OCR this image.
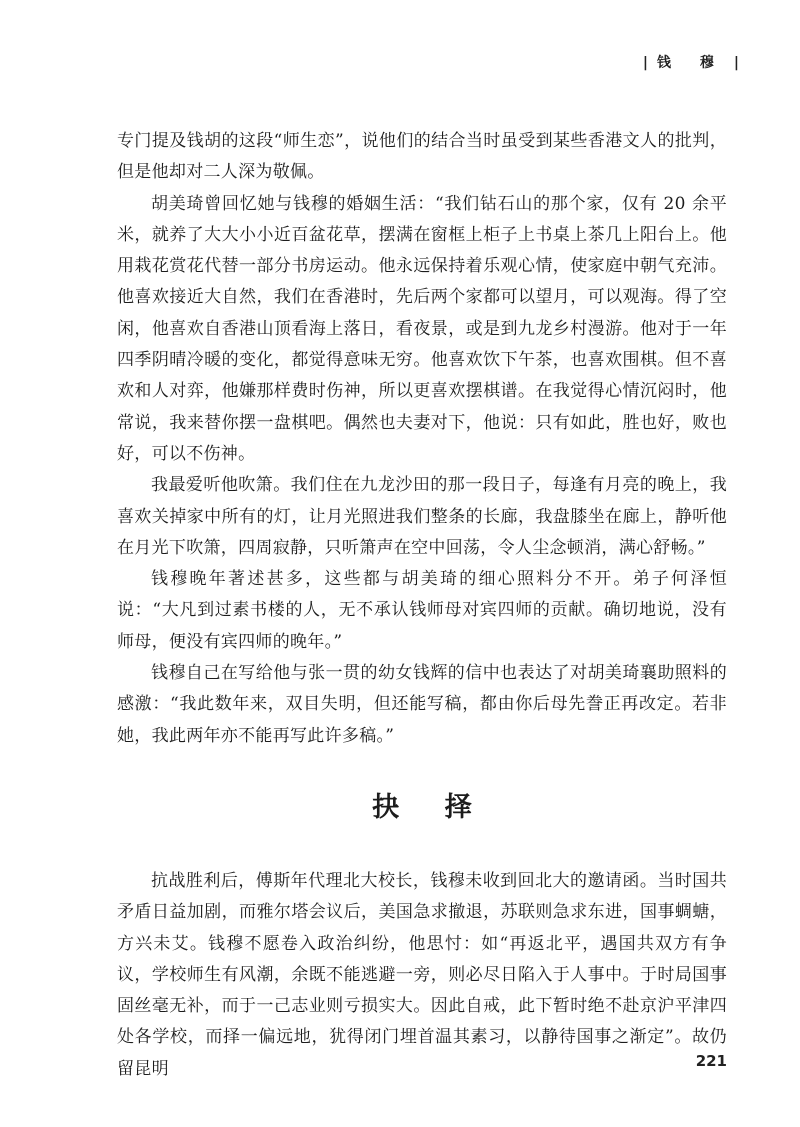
| 钱 穆 |

专门提及钱胡的这段“师生恋”，说他们的结合当时虽受到某些香港文人的批判，但是他却对二人深为敬佩。

胡美琦曾回忆她与钱穆的婚姻生活：“我们钻石山的那个家，仅有 20 余平米，就养了大大小小近百盆花草，摆满在窗框上柜子上书桌上茶几上阳台上。他用栽花赏花代替一部分书房运动。他永远保持着乐观心情，使家庭中朝气充沛。他喜欢接近大自然，我们在香港时，先后两个家都可以望月，可以观海。得了空闲，他喜欢自香港山顶看海上落日，看夜景，或是到九龙乡村漫游。他对于一年四季阴晴冷暖的变化，都觉得意味无穷。他喜欢饮下午茶，也喜欢围棋。但不喜欢和人对弈，他嫌那样费时伤神，所以更喜欢摆棋谱。在我觉得心情沉闷时，他常说，我来替你摆一盘棋吧。偶然也夫妻对下，他说：只有如此，胜也好，败也好，可以不伤神。

我最爱听他吹箫。我们住在九龙沙田的那一段日子，每逢有月亮的晚上，我喜欢关掉家中所有的灯，让月光照进我们整条的长廊，我盘膝坐在廊上，静听他在月光下吹箫，四周寂静，只听箫声在空中回荡，令人尘念顿消，满心舒畅。”

钱穆晚年著述甚多，这些都与胡美琦的细心照料分不开。弟子何泽恒说：“大凡到过素书楼的人，无不承认钱师母对宾四师的贡献。确切地说，没有师母，便没有宾四师的晚年。”

钱穆自己在写给他与张一贯的幼女钱辉的信中也表达了对胡美琦襄助照料的感激：“我此数年来，双目失明，但还能写稿，都由你后母先誊正再改定。若非她，我此两年亦不能再写此许多稿。”

抉 择

抗战胜利后，傅斯年代理北大校长，钱穆未收到回北大的邀请函。当时国共矛盾日益加剧，而雅尔塔会议后，美国急求撤退，苏联则急求东进，国事蜩螗，方兴未艾。钱穆不愿卷入政治纠纷，他思忖：如“再返北平，遇国共双方有争议，学校师生有风潮，余既不能逃避一旁，则必尽日陷入于人事中。于时局国事固丝毫无补，而于一己志业则亏损实大。因此自戒，此下暂时绝不赴京沪平津四处各学校，而择一偏远地，犹得闭门埋首温其素习，以静待国事之渐定”。故仍留昆明	221
